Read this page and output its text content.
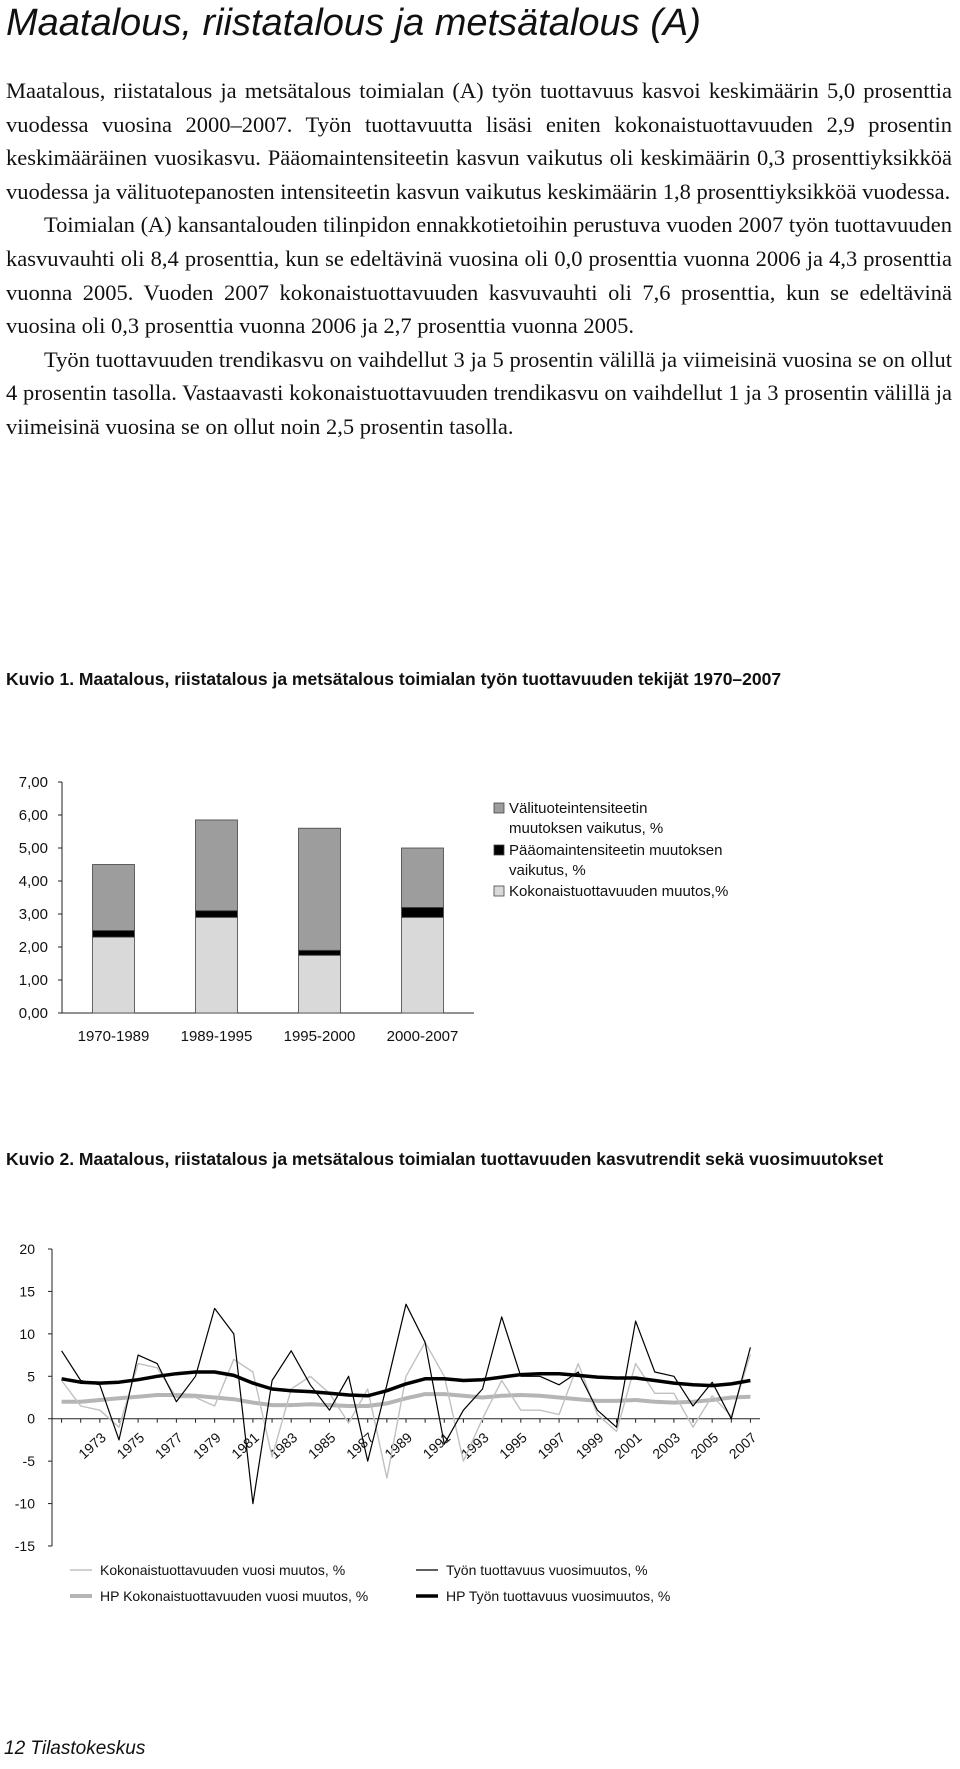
Maatalous, riistatalous ja metsätalous (A)

Maatalous, riistatalous ja metsätalous toimialan (A) työn tuottavuus kasvoi keskimäärin 5,0 prosenttia vuodessa vuosina 2000–2007. Työn tuottavuutta lisäsi eniten kokonaistuottavuuden 2,9 prosentin keskimääräinen vuosikasvu. Pääomaintensiteetin kasvun vaikutus oli keskimäärin 0,3 prosenttiyksikköä vuodessa ja välituotepanosten intensiteetin kasvun vaikutus keskimäärin 1,8 prosenttiyksikköä vuodessa.

Toimialan (A) kansantalouden tilinpidon ennakkotietoihin perustuva vuoden 2007 työn tuottavuuden kasvuvauhti oli 8,4 prosenttia, kun se edeltävinä vuosina oli 0,0 prosenttia vuonna 2006 ja 4,3 prosenttia vuonna 2005. Vuoden 2007 kokonaistuottavuuden kasvuvauhti oli 7,6 prosenttia, kun se edeltävinä vuosina oli 0,3 prosenttia vuonna 2006 ja 2,7 prosenttia vuonna 2005.

Työn tuottavuuden trendikasvu on vaihdellut 3 ja 5 prosentin välillä ja viimeisinä vuosina se on ollut 4 prosentin tasolla. Vastaavasti kokonaistuottavuuden trendikasvu on vaihdellut 1 ja 3 prosentin välillä ja viimeisinä vuosina se on ollut noin 2,5 prosentin tasolla.

Kuvio 1. Maatalous, riistatalous ja metsätalous toimialan työn tuottavuuden tekijät 1970–2007

0,00
1,00
2,00
3,00
4,00
5,00
6,00
7,00
1970-1989 1989-1995 1995-2000 2000-2007
Välituoteintensiteetin
muutoksen vaikutus, %
Pääomaintensiteetin muutoksen
vaikutus, %
Kokonaistuottavuuden muutos,%

Kuvio 2. Maatalous, riistatalous ja metsätalous toimialan tuottavuuden kasvutrendit sekä vuosimuutokset

-15
-10
-5
0
5
10
15
20
1973 1975 1977 1979 1981 1983 1985 1987 1989 1991 1993 1995 1997 1999 2001 2003 2005 2007
Kokonaistuottavuuden vuosi muutos, %	Työn tuottavuus vuosimuutos, %
HP Kokonaistuottavuuden vuosi muutos, %	HP Työn tuottavuus vuosimuutos, %
12 Tilastokeskus
